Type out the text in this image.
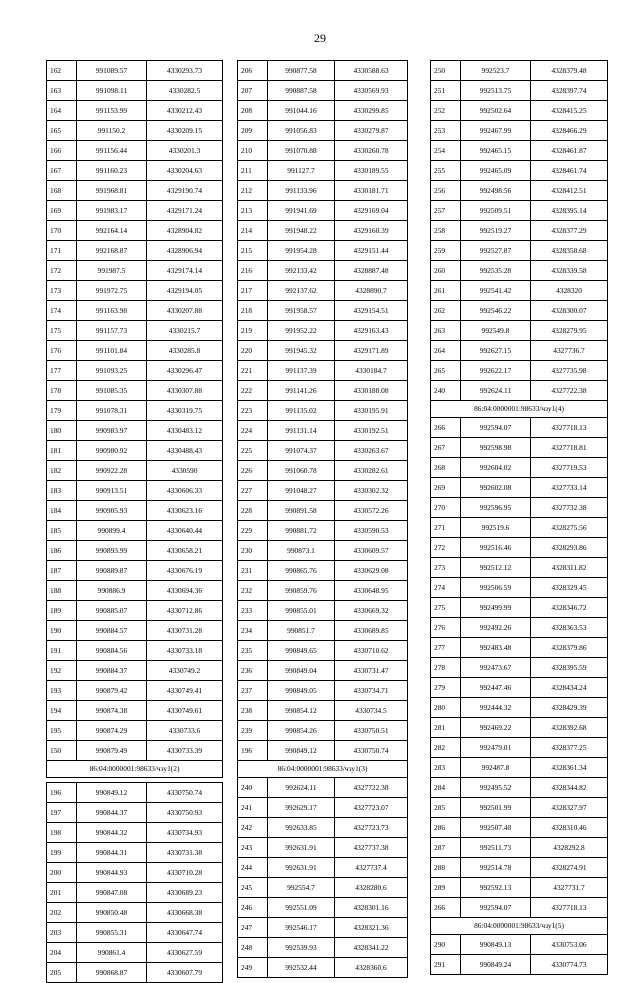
29
162	991089.57	4330293.73
163	991098.11	4330282.5
164	991153.99	4330212.43
165	991150.2	4330209.15
166	991156.44	4330201.3
167	991160.23	4330204.63
168	991968.81	4329190.74
169	991983.17	4329171.24
170	992164.14	4328904.82
171	992168.87	4328906.94
172	991987.5	4329174.14
173	991972.75	4329194.05
174	991163.98	4330207.88
175	991157.73	4330215.7
176	991101.84	4330285.8
177	991093.25	4330296.47
178	991085.35	4330307.88
179	991078.31	4330319.75
180	990983.97	4330483.12
181	990980.92	4330488.43
182	990922.28	4330590
183	990913.51	4330606.33
184	990905.93	4330623.16
185	990899.4	4330640.44
186	990893.99	4330658.21
187	990889.87	4330676.19
188	990886.9	4330694.36
189	990885.07	4330712.86
190	990884.57	4330731.28
191	990884.56	4330733.18
192	990884.37	4330749.2
193	990879.42	4330749.41
194	990874.38	4330749.61
195	990874.29	4330733.6
150	990879.49	4330733.39
86:04:0000001:98633/чзу1(2)		

196	990849.12	4330750.74
197	990844.37	4330750.93
198	990844.32	4330734.93
199	990844.31	4330731.38
200	990844.93	4330710.28
201	990847.08	4330689.23
202	990850.48	4330668.38
203	990855.31	4330647.74
204	990861.4	4330627.59
205	990868.87	4330607.79
206	990877.58	4330588.63
207	990887.58	4330569.93
208	991044.16	4330299.85
209	991056.83	4330279.87
210	991070.88	4330260.78
211	991127.7	4330189.55
212	991133.96	4330181.71
213	991941.69	4329169.04
214	991948.22	4329160.39
215	991954.28	4329151.44
216	992133.42	4328887.48
217	992137.62	4328890.7
218	991958.57	4329154.51
219	991952.22	4329163.43
220	991945.32	4329171.89
221	991137.39	4330184.7
222	991141.26	4330188.08
223	991135.02	4330195.91
224	991131.14	4330192.51
225	991074.37	4330263.67
226	991060.78	4330282.61
227	991048.27	4330302.32
228	990891.58	4330572.26
229	990881.72	4330590.53
230	990873.1	4330609.57
231	990865.76	4330629.08
232	990859.76	4330648.95
233	990855.01	4330669.32
234	990851.7	4330689.85
235	990849.65	4330710.62
236	990849.04	4330731.47
237	990849.05	4330734.71
238	990854.12	4330734.5
239	990854.26	4330750.51
196	990849.12	4330750.74
86:04:0000001:98633/чзу1(3)		
240	992624.11	4327722.38
241	992629.17	4327723.07
242	992633.85	4327723.73
243	992631.91	4327737.38
244	992631.91	4327737.4
245	992554.7	4328280.6
246	992551.09	4328301.16
247	992546.17	4328321.36
248	992539.93	4328341.22
249	992532.44	4328360.6
250	992523.7	4328379.48
251	992513.75	4328397.74
252	992502.64	4328415.25
253	992467.99	4328466.29
254	992465.15	4328461.87
255	992465.09	4328461.74
256	992498.56	4328412.51
257	992509.51	4328395.14
258	992519.27	4328377.29
259	992527.87	4328358.68
260	992535.28	4328339.58
261	992541.42	4328320
262	992546.22	4328300.07
263	992549.8	4328279.95
264	992627.15	4327736.7
265	992622.17	4327735.98
240	992624.11	4327722.38
86:04:0000001:98633/чзу1(4)		
266	992594.07	4327718.13
267	992598.98	4327718.81
268	992604.02	4327719.53
269	992602.08	4327733.14
270	992596.95	4327732.38
271	992519.6	4328275.56
272	992516.46	4328293.86
273	992512.12	4328311.82
274	992506.59	4328329.45
275	992499.99	4328346.72
276	992492.26	4328363.53
277	992483.48	4328379.86
278	992473.67	4328395.59
279	992447.46	4328434.24
280	992444.32	4328429.39
281	992469.22	4328392.68
282	992479.01	4328377.25
283	992487.8	4328361.34
284	992495.52	4328344.82
285	992501.99	4328327.97
286	992507.48	4328310.46
287	992511.73	4328292.8
288	992514.78	4328274.91
289	992592.13	4327731.7
266	992594.07	4327718.13
86:04:0000001:98633/чзу1(5)		
290	990849.13	4330753.06
291	990849.24	4330774.73
